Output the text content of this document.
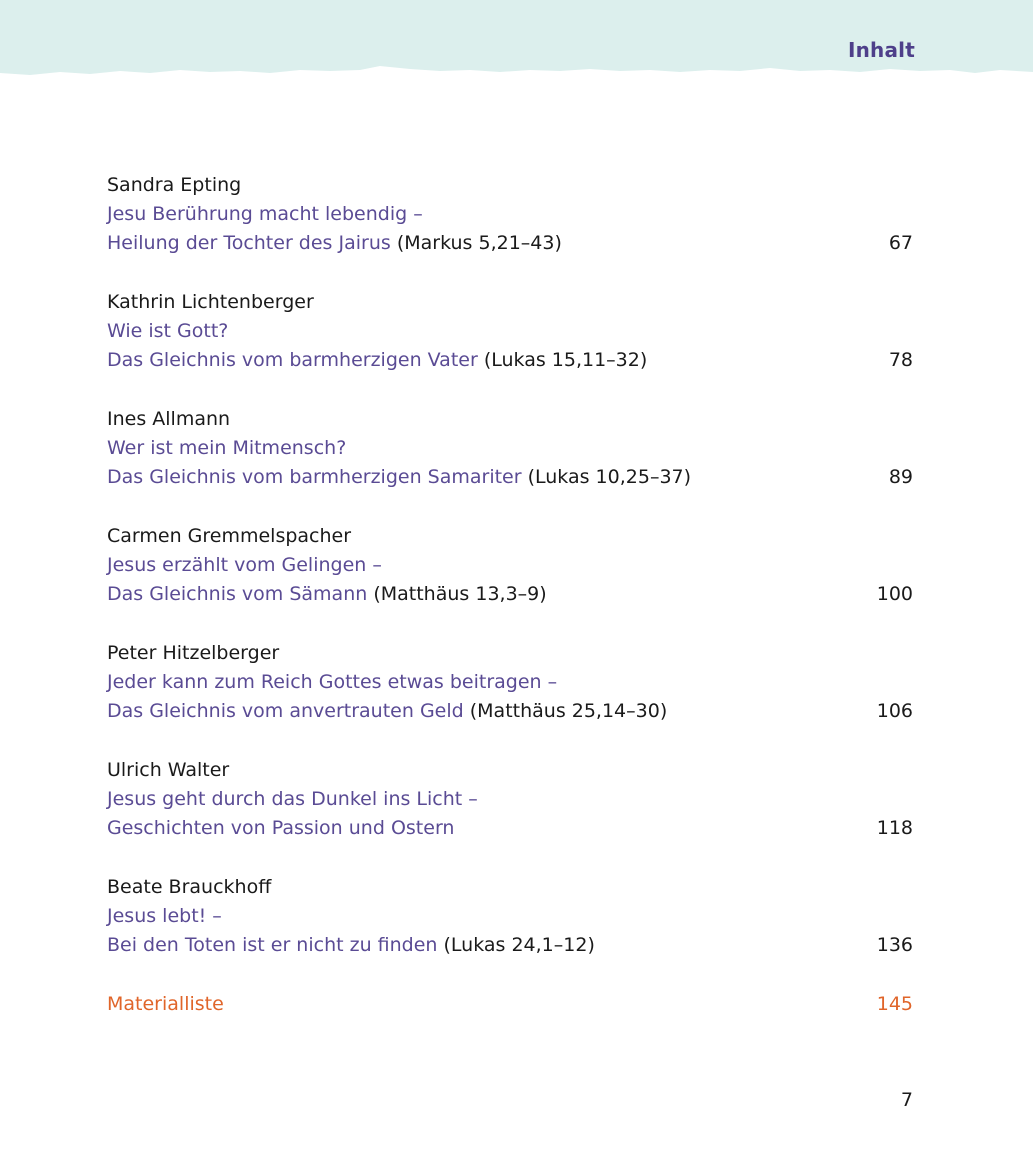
Inhalt
Sandra Epting
Jesu Berührung macht lebendig –
Heilung der Tochter des Jairus (Markus 5,21–43)	67
Kathrin Lichtenberger
Wie ist Gott?
Das Gleichnis vom barmherzigen Vater (Lukas 15,11–32)	78
Ines Allmann
Wer ist mein Mitmensch?
Das Gleichnis vom barmherzigen Samariter (Lukas 10,25–37)	89
Carmen Gremmelspacher
Jesus erzählt vom Gelingen –
Das Gleichnis vom Sämann (Matthäus 13,3–9)	100
Peter Hitzelberger
Jeder kann zum Reich Gottes etwas beitragen –
Das Gleichnis vom anvertrauten Geld (Matthäus 25,14–30)	106
Ulrich Walter
Jesus geht durch das Dunkel ins Licht –
Geschichten von Passion und Ostern	118
Beate Brauckhoff
Jesus lebt! –
Bei den Toten ist er nicht zu finden (Lukas 24,1–12)	136
Materialliste	145
7
